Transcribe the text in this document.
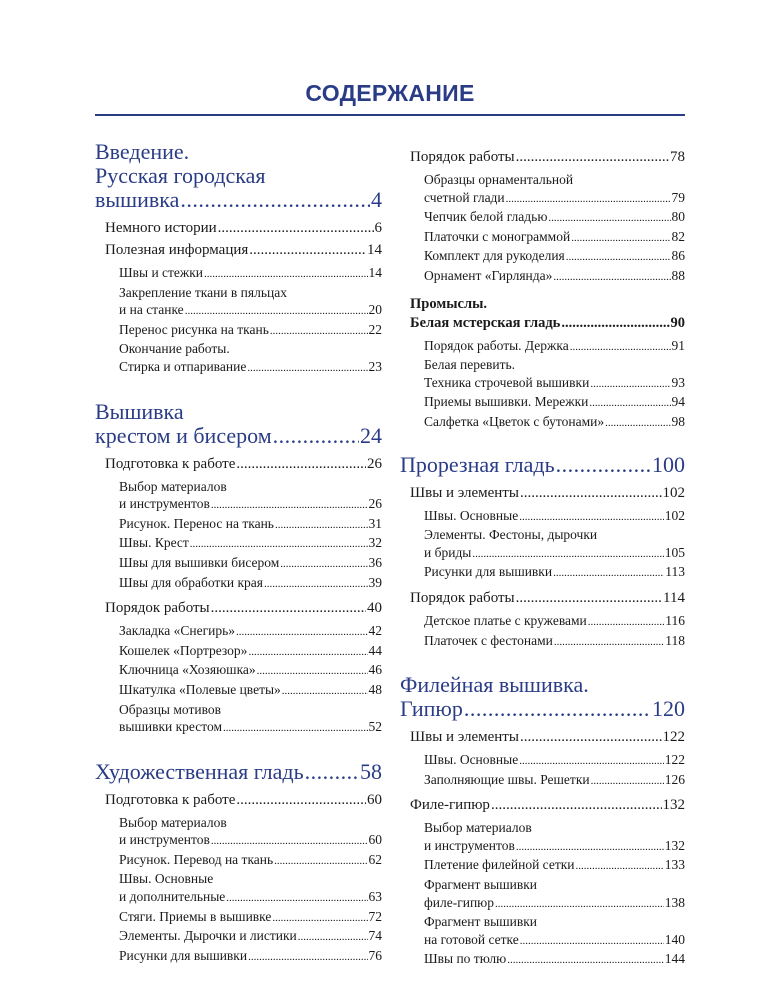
СОДЕРЖАНИЕ
Введение.
Русская городская
вышивка .....	4
Немного истории .....	6
Полезная информация .....	14
Швы и стежки .....	14
Закрепление ткани в пяльцах
и на станке .....	20
Перенос рисунка на ткань .....	22
Окончание работы.
Стирка и отпаривание .....	23
Вышивка
крестом и бисером .....	24
Подготовка к работе .....	26
Выбор материалов
и инструментов .....	26
Рисунок. Перенос на ткань .....	31
Швы. Крест .....	32
Швы для вышивки бисером .....	36
Швы для обработки края .....	39
Порядок работы .....	40
Закладка «Снегирь» .....	42
Кошелек «Портрезор» .....	44
Ключница «Хозяюшка» .....	46
Шкатулка «Полевые цветы» .....	48
Образцы мотивов
вышивки крестом .....	52
Художественная гладь .....	58
Подготовка к работе .....	60
Выбор материалов
и инструментов .....	60
Рисунок. Перевод на ткань .....	62
Швы. Основные
и дополнительные .....	63
Стяги. Приемы в вышивке .....	72
Элементы. Дырочки и листики .....	74
Рисунки для вышивки .....	76
Порядок работы .....	78
Образцы орнаментальной
счетной глади .....	79
Чепчик белой гладью .....	80
Платочки с монограммой .....	82
Комплект для рукоделия .....	86
Орнамент «Гирлянда» .....	88
Промыслы.
Белая мстерская гладь .....	90
Порядок работы. Держка .....	91
Белая перевить.
Техника строчевой вышивки .....	93
Приемы вышивки. Мережки .....	94
Салфетка «Цветок с бутонами» .....	98
Прорезная гладь .....	100
Швы и элементы .....	102
Швы. Основные .....	102
Элементы. Фестоны, дырочки
и бриды .....	105
Рисунки для вышивки .....	113
Порядок работы .....	114
Детское платье с кружевами .....	116
Платочек с фестонами .....	118
Филейная вышивка.
Гипюр .....	120
Швы и элементы .....	122
Швы. Основные .....	122
Заполняющие швы. Решетки .....	126
Филе-гипюр .....	132
Выбор материалов
и инструментов .....	132
Плетение филейной сетки .....	133
Фрагмент вышивки
филе-гипюр .....	138
Фрагмент вышивки
на готовой сетке .....	140
Швы по тюлю .....	144
